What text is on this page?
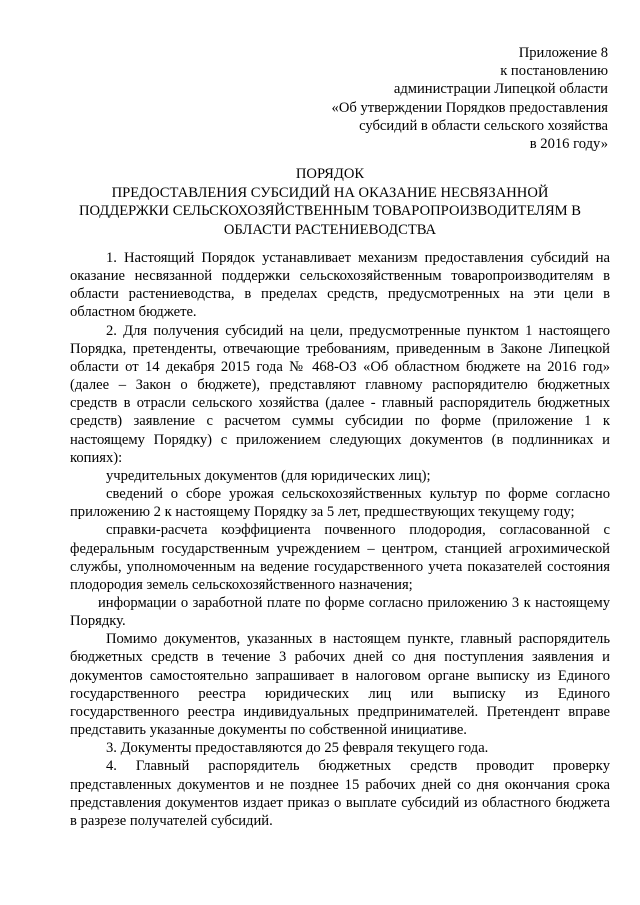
Приложение 8
к постановлению
администрации Липецкой области
«Об утверждении Порядков предоставления
субсидий в области сельского хозяйства
в 2016 году»
ПОРЯДОК
ПРЕДОСТАВЛЕНИЯ СУБСИДИЙ НА ОКАЗАНИЕ НЕСВЯЗАННОЙ
ПОДДЕРЖКИ СЕЛЬСКОХОЗЯЙСТВЕННЫМ ТОВАРОПРОИЗВОДИТЕЛЯМ В
ОБЛАСТИ РАСТЕНИЕВОДСТВА

1. Настоящий Порядок устанавливает механизм предоставления субсидий на оказание несвязанной поддержки сельскохозяйственным товаропроизводителям в области растениеводства, в пределах средств, предусмотренных на эти цели в областном бюджете.

2. Для получения субсидий на цели, предусмотренные пунктом 1 настоящего Порядка, претенденты, отвечающие требованиям, приведенным в Законе Липецкой области от 14 декабря 2015 года № 468-ОЗ «Об областном бюджете на 2016 год» (далее – Закон о бюджете), представляют главному распорядителю бюджетных средств в отрасли сельского хозяйства (далее - главный распорядитель бюджетных средств) заявление с расчетом суммы субсидии по форме (приложение 1 к настоящему Порядку) с приложением следующих документов (в подлинниках и копиях):

учредительных документов (для юридических лиц);

сведений о сборе урожая сельскохозяйственных культур по форме согласно приложению 2 к настоящему Порядку за 5 лет, предшествующих текущему году;

справки-расчета коэффициента почвенного плодородия, согласованной с федеральным государственным учреждением – центром, станцией агрохимической службы, уполномоченным на ведение государственного учета показателей состояния плодородия земель сельскохозяйственного назначения;

информации о заработной плате по форме согласно приложению 3 к настоящему Порядку.

Помимо документов, указанных в настоящем пункте, главный распорядитель бюджетных средств в течение 3 рабочих дней со дня поступления заявления и документов самостоятельно запрашивает в налоговом органе выписку из Единого государственного реестра юридических лиц или выписку из Единого государственного реестра индивидуальных предпринимателей. Претендент вправе представить указанные документы по собственной инициативе.

3. Документы предоставляются до 25 февраля текущего года.

4. Главный распорядитель бюджетных средств проводит проверку представленных документов и не позднее 15 рабочих дней со дня окончания срока представления документов издает приказ о выплате субсидий из областного бюджета в разрезе получателей субсидий.
